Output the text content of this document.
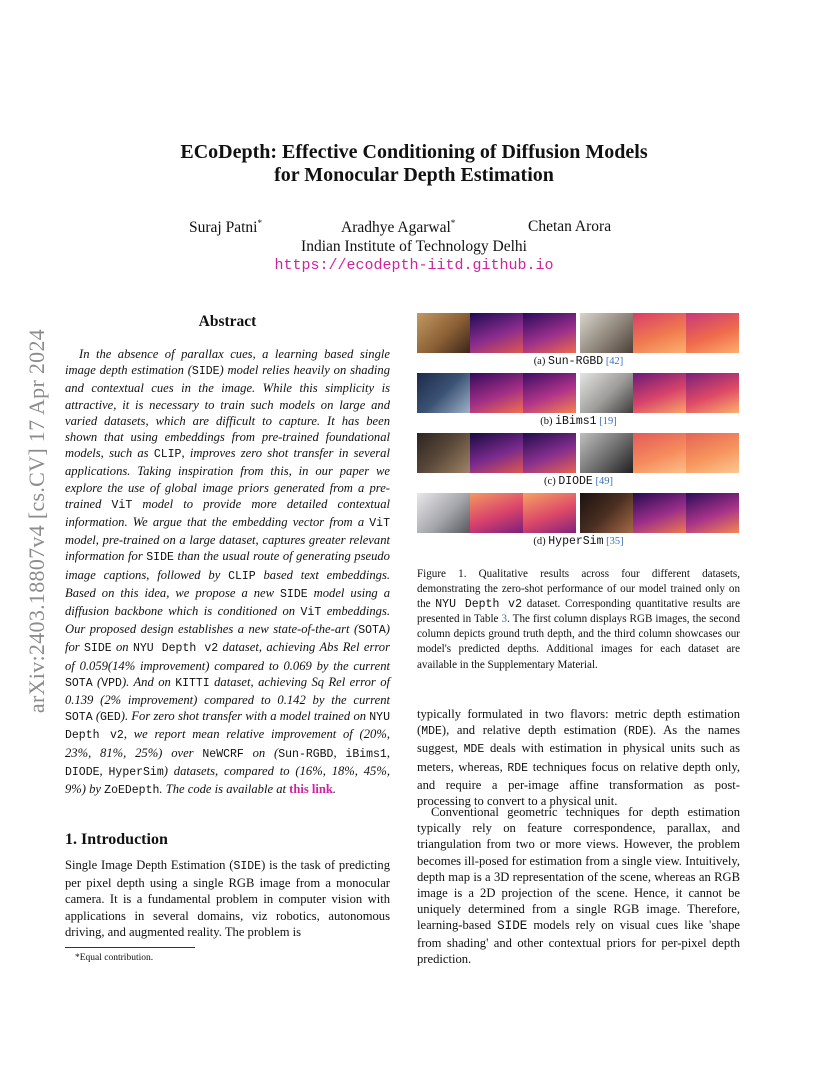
arXiv:2403.18807v4 [cs.CV] 17 Apr 2024
ECoDepth: Effective Conditioning of Diffusion Models
for Monocular Depth Estimation
Suraj Patni*	Aradhye Agarwal*	Chetan Arora
Indian Institute of Technology Delhi
https://ecodepth-iitd.github.io
Abstract

In the absence of parallax cues, a learning based single image depth estimation (SIDE) model relies heavily on shading and contextual cues in the image. While this simplicity is attractive, it is necessary to train such models on large and varied datasets, which are difficult to capture. It has been shown that using embeddings from pre-trained foundational models, such as CLIP, improves zero shot transfer in several applications. Taking inspiration from this, in our paper we explore the use of global image priors generated from a pre-trained ViT model to provide more detailed contextual information. We argue that the embedding vector from a ViT model, pre-trained on a large dataset, captures greater relevant information for SIDE than the usual route of generating pseudo image captions, followed by CLIP based text embeddings. Based on this idea, we propose a new SIDE model using a diffusion backbone which is conditioned on ViT embeddings. Our proposed design establishes a new state-of-the-art (SOTA) for SIDE on NYU Depth v2 dataset, achieving Abs Rel error of 0.059(14% improvement) compared to 0.069 by the current SOTA (VPD). And on KITTI dataset, achieving Sq Rel error of 0.139 (2% improvement) compared to 0.142 by the current SOTA (GED). For zero shot transfer with a model trained on NYU Depth v2, we report mean relative improvement of (20%, 23%, 81%, 25%) over NeWCRF on (Sun-RGBD, iBims1, DIODE, HyperSim) datasets, compared to (16%, 18%, 45%, 9%) by ZoEDepth. The code is available at this link.

1. Introduction

Single Image Depth Estimation (SIDE) is the task of predicting per pixel depth using a single RGB image from a monocular camera. It is a fundamental problem in computer vision with applications in several domains, viz robotics, autonomous driving, and augmented reality. The problem is

*Equal contribution.
(a) Sun-RGBD [42]
(b) iBims1 [19]
(c) DIODE [49]
(d) HyperSim [35]

Figure 1. Qualitative results across four different datasets, demonstrating the zero-shot performance of our model trained only on the NYU Depth v2 dataset. Corresponding quantitative results are presented in Table 3. The first column displays RGB images, the second column depicts ground truth depth, and the third column showcases our model's predicted depths. Additional images for each dataset are available in the Supplementary Material.

typically formulated in two flavors: metric depth estimation (MDE), and relative depth estimation (RDE). As the names suggest, MDE deals with estimation in physical units such as meters, whereas, RDE techniques focus on relative depth only, and require a per-image affine transformation as post-processing to convert to a physical unit.

Conventional geometric techniques for depth estimation typically rely on feature correspondence, parallax, and triangulation from two or more views. However, the problem becomes ill-posed for estimation from a single view. Intuitively, depth map is a 3D representation of the scene, whereas an RGB image is a 2D projection of the scene. Hence, it cannot be uniquely determined from a single RGB image. Therefore, learning-based SIDE models rely on visual cues like 'shape from shading' and other contextual priors for per-pixel depth prediction.
